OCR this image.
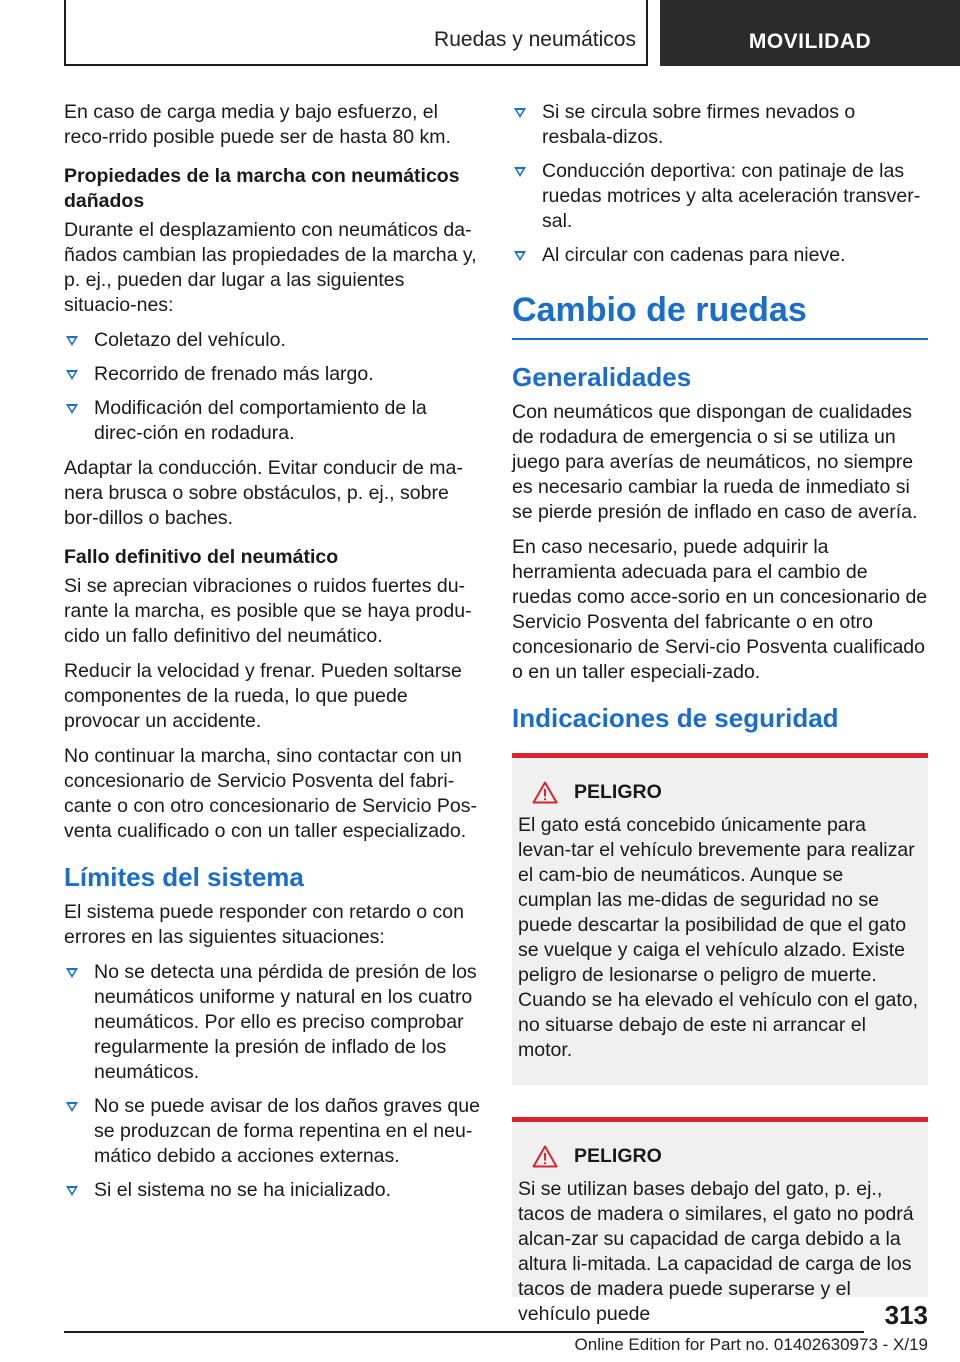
Ruedas y neumáticos	MOVILIDAD

En caso de carga media y bajo esfuerzo, el reco-rrido posible puede ser de hasta 80 km.

Propiedades de la marcha con neumáticos dañados

Durante el desplazamiento con neumáticos da-ñados cambian las propiedades de la marcha y, p. ej., pueden dar lugar a las siguientes situacio-nes:

Coletazo del vehículo.
Recorrido de frenado más largo.
Modificación del comportamiento de la direc-ción en rodadura.

Adaptar la conducción. Evitar conducir de ma-nera brusca o sobre obstáculos, p. ej., sobre bor-dillos o baches.

Fallo definitivo del neumático

Si se aprecian vibraciones o ruidos fuertes du-rante la marcha, es posible que se haya produ-cido un fallo definitivo del neumático.

Reducir la velocidad y frenar. Pueden soltarse componentes de la rueda, lo que puede provocar un accidente.

No continuar la marcha, sino contactar con un concesionario de Servicio Posventa del fabri-cante o con otro concesionario de Servicio Pos-venta cualificado o con un taller especializado.

Límites del sistema

El sistema puede responder con retardo o con errores en las siguientes situaciones:

No se detecta una pérdida de presión de los neumáticos uniforme y natural en los cuatro neumáticos. Por ello es preciso comprobar regularmente la presión de inflado de los neumáticos.
No se puede avisar de los daños graves que se produzcan de forma repentina en el neu-mático debido a acciones externas.
Si el sistema no se ha inicializado.
Si se circula sobre firmes nevados o resbala-dizos.
Conducción deportiva: con patinaje de las ruedas motrices y alta aceleración transver-sal.
Al circular con cadenas para nieve.
Cambio de ruedas
Generalidades

Con neumáticos que dispongan de cualidades de rodadura de emergencia o si se utiliza un juego para averías de neumáticos, no siempre es necesario cambiar la rueda de inmediato si se pierde presión de inflado en caso de avería.

En caso necesario, puede adquirir la herramienta adecuada para el cambio de ruedas como acce-sorio en un concesionario de Servicio Posventa del fabricante o en otro concesionario de Servi-cio Posventa cualificado o en un taller especiali-zado.

Indicaciones de seguridad
PELIGRO

El gato está concebido únicamente para levan-tar el vehículo brevemente para realizar el cam-bio de neumáticos. Aunque se cumplan las me-didas de seguridad no se puede descartar la posibilidad de que el gato se vuelque y caiga el vehículo alzado. Existe peligro de lesionarse o peligro de muerte. Cuando se ha elevado el vehículo con el gato, no situarse debajo de este ni arrancar el motor.

PELIGRO

Si se utilizan bases debajo del gato, p. ej., tacos de madera o similares, el gato no podrá alcan-zar su capacidad de carga debido a la altura li-mitada. La capacidad de carga de los tacos de madera puede superarse y el vehículo puede	313
Online Edition for Part no. 01402630973 - X/19
